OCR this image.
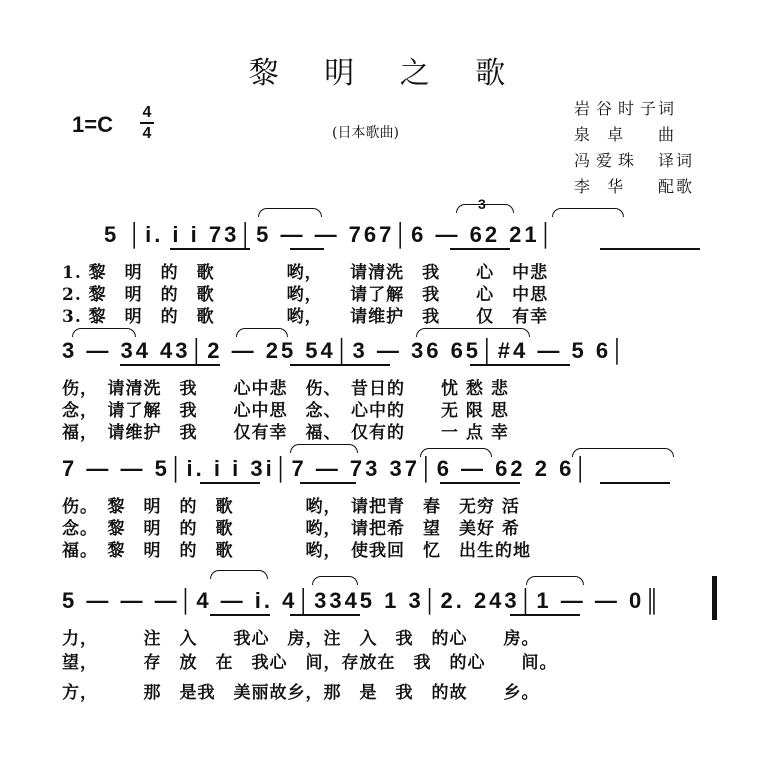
黎 明 之 歌
1=C 4
4	(日本歌曲)
岩谷时子词
泉 卓 曲
冯爱珠 译词
李 华 配歌
5 │i. i i 73│5 — — 767│6 — 62 21│
3
1. 黎　明　的　歌　　　　哟，　　请清洗　我　　心　中悲
2. 黎　明　的　歌　　　　哟，　　请了解　我　　心　中思
3. 黎　明　的　歌　　　　哟，　　请维护　我　　仅　有幸
3 — 34 43│2 — 25 54│3 — 36 65│#4 — 5 6│
伤，　请清洗　我　　心中悲　伤、　昔日的　　忧 愁 悲
念，　请了解　我　　心中思　念、　心中的　　无 限 思
福，　请维护　我　　仅有幸　福、　仅有的　　一 点 幸
7 — — 5│i. i i 3i│7 — 73 37│6 — 62 2 6│
伤。　黎　明　的　歌　　　　哟，　请把青　春　无穷 活
念。　黎　明　的　歌　　　　哟，　请把希　望　美好 希
福。　黎　明　的　歌　　　　哟，　使我回　忆　出生的地
5 — — —│4 — i. 4│3345 1 3│2. 243│1 — — 0║
力，　　　注　入　　我心　房，注　入　我　的心　　房。
望，　　　存　放　在　我心　间，存放在　我　的心　　间。
方，　　　那　是我　美丽故乡，那　是　我　的故　　乡。
